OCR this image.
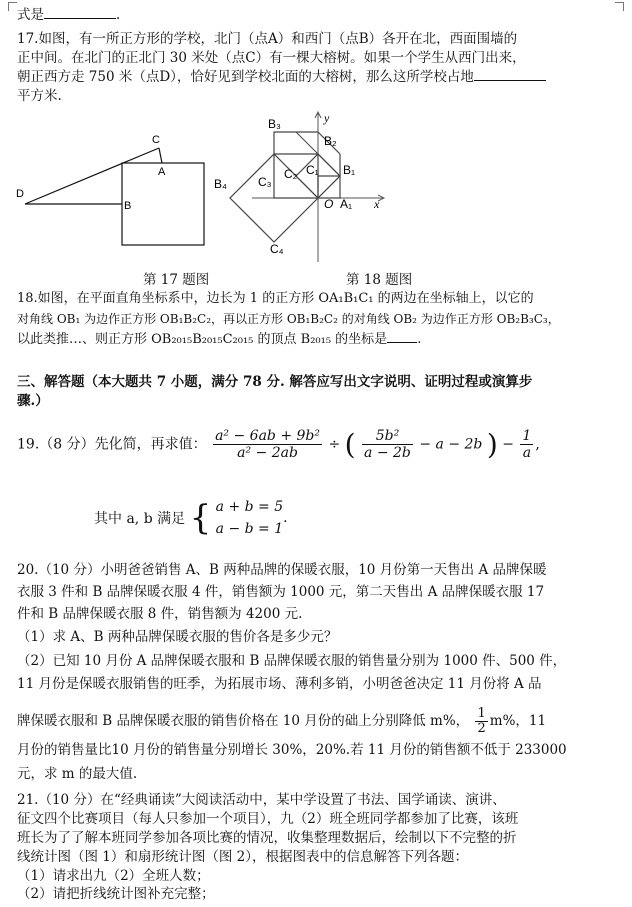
式是	.
17.如图，有一所正方形的学校，北门（点A）和西门（点B）各开在北，西面围墙的
正中间。在北门的正北门 30 米处（点C）有一棵大榕树。如果一个学生从西门出来，
朝正西方走 750 米（点D），恰好见到学校北面的大榕树，那么这所学校占地
平方米.
C
A
B
D
B₃
B₂
B₁
B₄
C₁
C₂
C₃
C₄
O A₁
y
x
第 17 题图	第 18 题图
18.如图，在平面直角坐标系中，边长为 1 的正方形 OA₁B₁C₁ 的两边在坐标轴上，以它的
对角线 OB₁ 为边作正方形 OB₁B₂C₂，再以正方形 OB₁B₂C₂ 的对角线 OB₂ 为边作正方形 OB₂B₃C₃，
以此类推…、则正方形 OB₂₀₁₅B₂₀₁₅C₂₀₁₅ 的顶点 B₂₀₁₅ 的坐标是 .
三、解答题（本大题共 7 小题，满分 78 分. 解答应写出文字说明、证明过程或演算步
骤.）
19.（8 分）先化简，再求值： $\frac{\text{a² − 6ab + 9b²}}{\text{a² − 2ab}}$ ÷ ( $\frac{\text{5b²}}{a - 2b} - a - 2b$ ) − $\frac{1}{a}$ ,
其中 a, b 满足 { a + b = 5
a − b = 1
.
20.（10 分）小明爸爸销售 A、B 两种品牌的保暖衣服，10 月份第一天售出 A 品牌保暖
衣服 3 件和 B 品牌保暖衣服 4 件，销售额为 1000 元，第二天售出 A 品牌保暖衣服 17
件和 B 品牌保暖衣服 8 件，销售额为 4200 元.
（1）求 A、B 两种品牌保暖衣服的售价各是多少元？
（2）已知 10 月份 A 品牌保暖衣服和 B 品牌保暖衣服的销售量分别为 1000 件、500 件，
11 月份是保暖衣服销售的旺季，为拓展市场、薄利多销，小明爸爸决定 11 月份将 A 品
牌保暖衣服和 B 品牌保暖衣服的销售价格在 10 月份的础上分别降低 m%， $\frac{1}{2} m\%$，11
月份的销售量比10 月份的销售量分别增长 30%，20%.若 11 月份的销售额不低于 233000
元，求 m 的最大值.
21.（10 分）在“经典诵读”大阅读活动中，某中学设置了书法、国学诵读、演讲、
征文四个比赛项目（每人只参加一个项目），九（2）班全班同学都参加了比赛，该班
班长为了了解本班同学参加各项比赛的情况，收集整理数据后，绘制以下不完整的折
线统计图（图 1）和扇形统计图（图 2），根据图表中的信息解答下列各题：
（1）请求出九（2）全班人数；
（2）请把折线统计图补充完整；
